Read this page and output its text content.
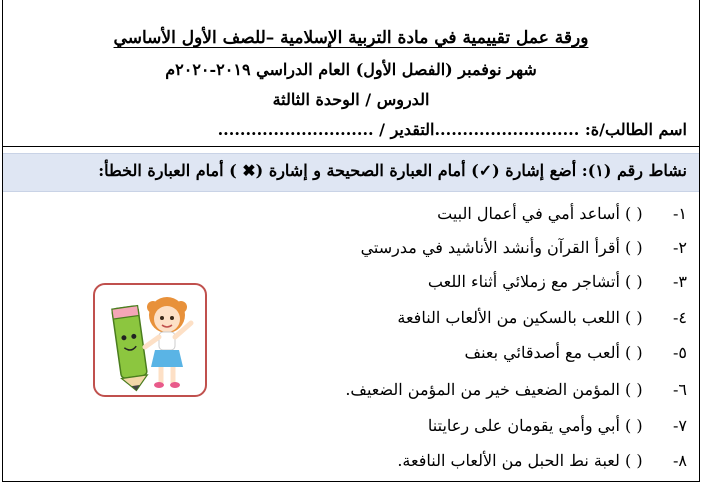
ورقة عمل تقييمية في مادة التربية الإسلامية –للصف الأول الأساسي
شهر نوفمبر (الفصل الأول) العام الدراسي ٢٠١٩-٢٠٢٠م
الدروس / الوحدة الثالثة
اسم الطالب/ة: ..........................التقدير / ............................
نشاط رقم (١): أضع إشارة (✓) أمام العبارة الصحيحة و إشارة (✖ ) أمام العبارة الخطأ:
١-( ) أساعد أمي في أعمال البيت
٢-( ) أقرأ القرآن وأنشد الأناشيد في مدرستي
٣-( ) أتشاجر مع زملائي أثناء اللعب
٤-( ) اللعب بالسكين من الألعاب النافعة
٥-( ) ألعب مع أصدقائي بعنف
٦-( ) المؤمن الضعيف خير من المؤمن الضعيف.
٧-( ) أبي وأمي يقومان على رعايتنا
٨-( ) لعبة نط الحبل من الألعاب النافعة.
